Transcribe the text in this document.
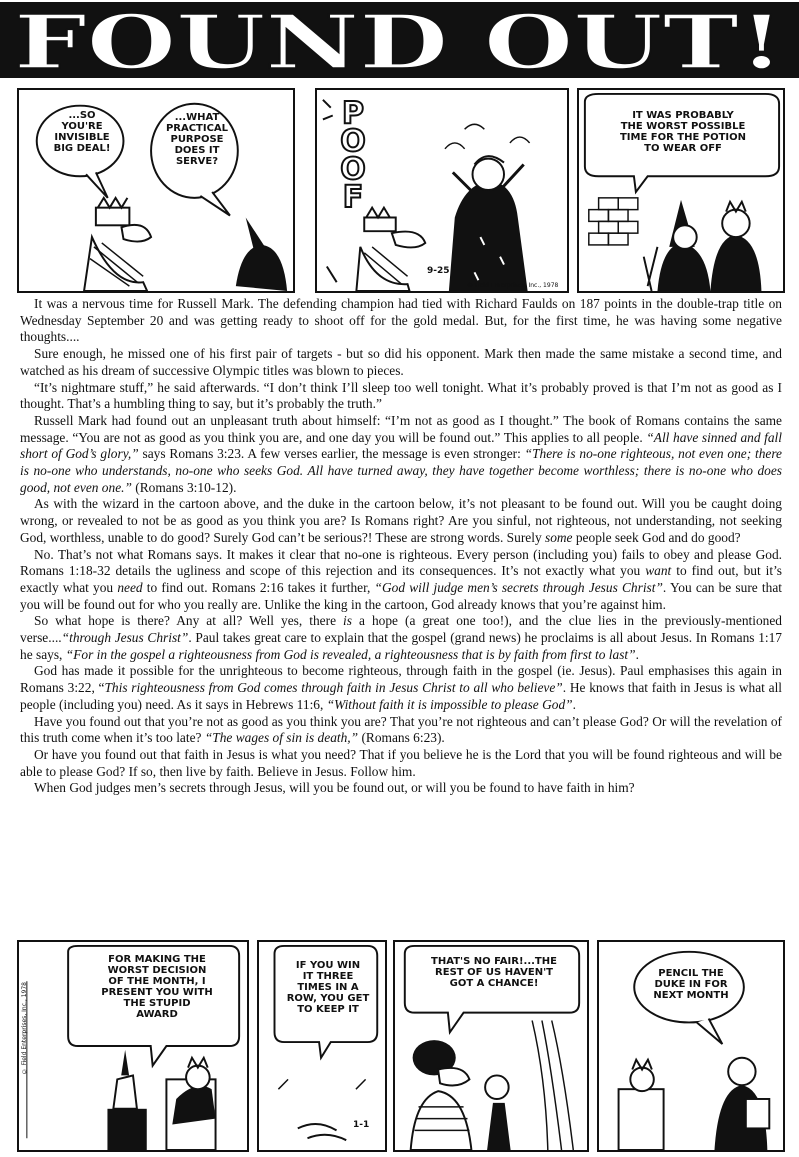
FOUND OUT!
...SO
YOU'RE
INVISIBLE
BIG DEAL!
...WHAT
PRACTICAL
PURPOSE
DOES IT
SERVE?
P
O
O
F
9-25
© Field Enterprises, Inc., 1978
IT WAS PROBABLY
THE WORST POSSIBLE
TIME FOR THE POTION
TO WEAR OFF

It was a nervous time for Russell Mark. The defending champion had tied with Richard Faulds on 187 points in the double-trap title on Wednesday September 20 and was getting ready to shoot off for the gold medal. But, for the first time, he was having some negative thoughts....

Sure enough, he missed one of his first pair of targets - but so did his opponent. Mark then made the same mistake a second time, and watched as his dream of successive Olympic titles was blown to pieces.

“It’s nightmare stuff,” he said afterwards. “I don’t think I’ll sleep too well tonight. What it’s probably proved is that I’m not as good as I thought. That’s a humbling thing to say, but it’s probably the truth.”

Russell Mark had found out an unpleasant truth about himself: “I’m not as good as I thought.” The book of Romans contains the same message. “You are not as good as you think you are, and one day you will be found out.” This applies to all people. “All have sinned and fall short of God’s glory,” says Romans 3:23. A few verses earlier, the message is even stronger: “There is no-one righteous, not even one; there is no-one who understands, no-one who seeks God. All have turned away, they have together become worthless; there is no-one who does good, not even one.” (Romans 3:10-12).

As with the wizard in the cartoon above, and the duke in the cartoon below, it’s not pleasant to be found out. Will you be caught doing wrong, or revealed to not be as good as you think you are? Is Romans right? Are you sinful, not righteous, not understanding, not seeking God, worthless, unable to do good? Surely God can’t be serious?! These are strong words. Surely some people seek God and do good?

No. That’s not what Romans says. It makes it clear that no-one is righteous. Every person (including you) fails to obey and please God. Romans 1:18-32 details the ugliness and scope of this rejection and its consequences. It’s not exactly what you want to find out, but it’s exactly what you need to find out. Romans 2:16 takes it further, “God will judge men’s secrets through Jesus Christ”. You can be sure that you will be found out for who you really are. Unlike the king in the cartoon, God already knows that you’re against him.

So what hope is there? Any at all? Well yes, there is a hope (a great one too!), and the clue lies in the previously-mentioned verse....“through Jesus Christ”. Paul takes great care to explain that the gospel (grand news) he proclaims is all about Jesus. In Romans 1:17 he says, “For in the gospel a righteousness from God is revealed, a righteousness that is by faith from first to last”.

God has made it possible for the unrighteous to become righteous, through faith in the gospel (ie. Jesus). Paul emphasises this again in Romans 3:22, “This righteousness from God comes through faith in Jesus Christ to all who believe”. He knows that faith in Jesus is what all people (including you) need. As it says in Hebrews 11:6, “Without faith it is impossible to please God”.

Have you found out that you’re not as good as you think you are? That you’re not righteous and can’t please God? Or will the revelation of this truth come when it’s too late? “The wages of sin is death,” (Romans 6:23).

Or have you found out that faith in Jesus is what you need? That if you believe he is the Lord that you will be found righteous and will be able to please God? If so, then live by faith. Believe in Jesus. Follow him.

When God judges men’s secrets through Jesus, will you be found out, or will you be found to have faith in him?

FOR MAKING THE
WORST DECISION
OF THE MONTH, I
PRESENT YOU WITH
THE STUPID
AWARD
© Field Enterprises, Inc., 1978
IF YOU WIN
IT THREE
TIMES IN A
ROW, YOU GET
TO KEEP IT
1-1
THAT'S NO FAIR!...THE
REST OF US HAVEN'T
GOT A CHANCE!
PENCIL THE
DUKE IN FOR
NEXT MONTH
